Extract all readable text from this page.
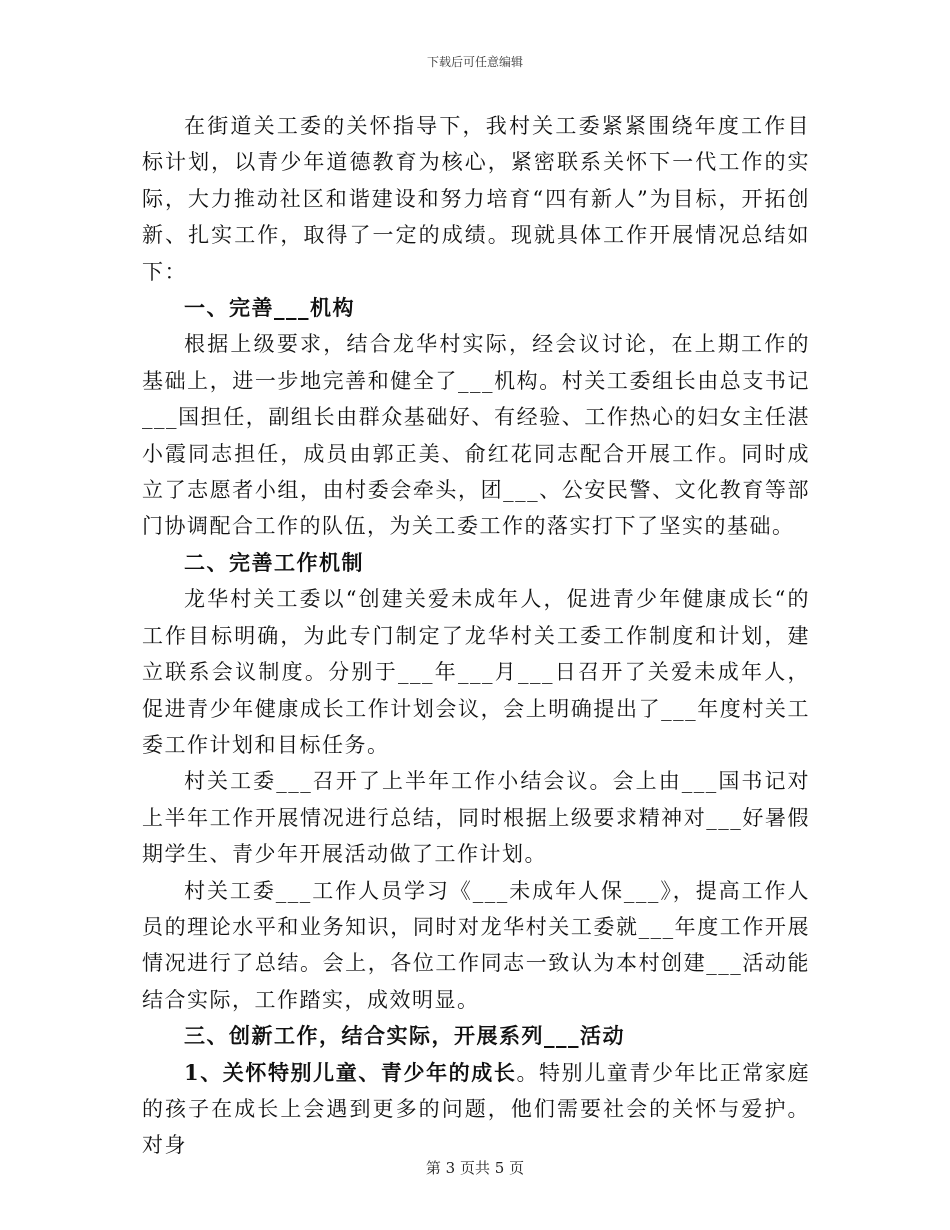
下载后可任意编辑

在街道关工委的关怀指导下，我村关工委紧紧围绕年度工作目标计划，以青少年道德教育为核心，紧密联系关怀下一代工作的实际，大力推动社区和谐建设和努力培育“四有新人”为目标，开拓创新、扎实工作，取得了一定的成绩。现就具体工作开展情况总结如下：

一、完善___机构

根据上级要求，结合龙华村实际，经会议讨论，在上期工作的基础上，进一步地完善和健全了___机构。村关工委组长由总支书记___国担任，副组长由群众基础好、有经验、工作热心的妇女主任湛小霞同志担任，成员由郭正美、俞红花同志配合开展工作。同时成立了志愿者小组，由村委会牵头，团___、公安民警、文化教育等部门协调配合工作的队伍，为关工委工作的落实打下了坚实的基础。

二、完善工作机制

龙华村关工委以“创建关爱未成年人，促进青少年健康成长“的工作目标明确，为此专门制定了龙华村关工委工作制度和计划，建立联系会议制度。分别于___年___月___日召开了关爱未成年人，促进青少年健康成长工作计划会议，会上明确提出了___年度村关工委工作计划和目标任务。

村关工委___召开了上半年工作小结会议。会上由___国书记对上半年工作开展情况进行总结，同时根据上级要求精神对___好暑假期学生、青少年开展活动做了工作计划。

村关工委___工作人员学习《___未成年人保___》，提高工作人员的理论水平和业务知识，同时对龙华村关工委就___年度工作开展情况进行了总结。会上，各位工作同志一致认为本村创建___活动能结合实际，工作踏实，成效明显。

三、创新工作，结合实际，开展系列___活动

1、关怀特别儿童、青少年的成长。特别儿童青少年比正常家庭的孩子在成长上会遇到更多的问题，他们需要社会的关怀与爱护。对身

第 3 页共 5 页
